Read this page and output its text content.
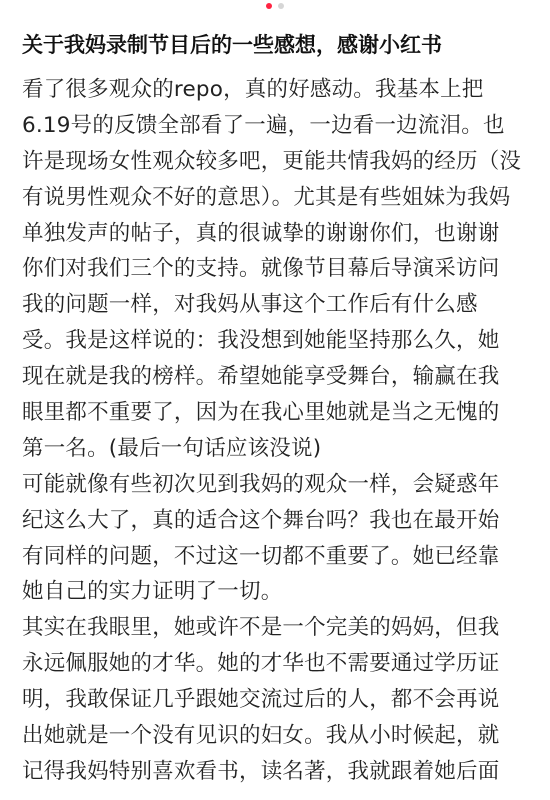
关于我妈录制节目后的一些感想，感谢小红书
看了很多观众的repo，真的好感动。我基本上把
6.19号的反馈全部看了一遍，一边看一边流泪。也
许是现场女性观众较多吧，更能共情我妈的经历（没
有说男性观众不好的意思）。尤其是有些姐妹为我妈
单独发声的帖子，真的很诚挚的谢谢你们，也谢谢
你们对我们三个的支持。就像节目幕后导演采访问
我的问题一样，对我妈从事这个工作后有什么感
受。我是这样说的：我没想到她能坚持那么久，她
现在就是我的榜样。希望她能享受舞台，输赢在我
眼里都不重要了，因为在我心里她就是当之无愧的
第一名。(最后一句话应该没说)
可能就像有些初次见到我妈的观众一样，会疑惑年
纪这么大了，真的适合这个舞台吗？我也在最开始
有同样的问题，不过这一切都不重要了。她已经靠
她自己的实力证明了一切。
其实在我眼里，她或许不是一个完美的妈妈，但我
永远佩服她的才华。她的才华也不需要通过学历证
明，我敢保证几乎跟她交流过后的人，都不会再说
出她就是一个没有见识的妇女。我从小时候起，就
记得我妈特别喜欢看书，读名著，我就跟着她后面
